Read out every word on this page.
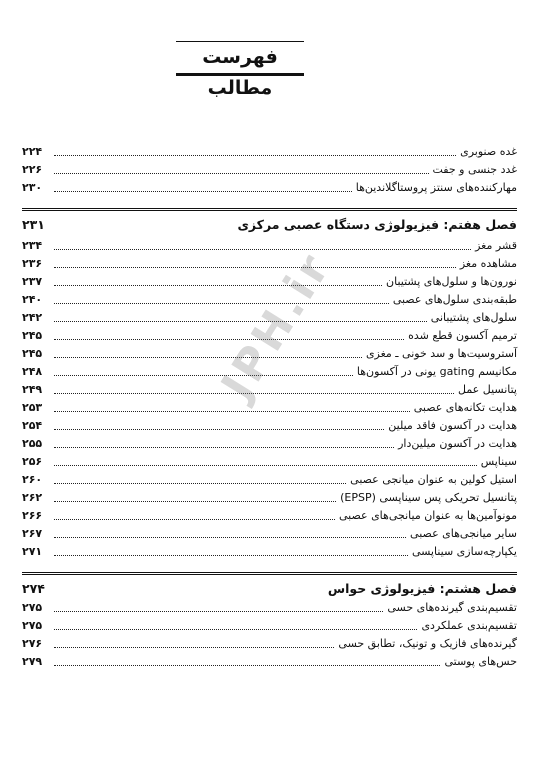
فهرست مطالب
غده صنوبری
۲۲۴
غدد جنسی و جفت
۲۲۶
مهارکننده‌های سنتز پروستاگلاندین‌ها
۲۳۰
فصل هفتم: فیزیولوژی دستگاه عصبی مرکزی
۲۳۱
قشر مغز
۲۳۴
مشاهده مغز
۲۳۶
نورون‌ها و سلول‌های پشتیبان
۲۳۷
طبقه‌بندی سلول‌های عصبی
۲۴۰
سلول‌های پشتیبانی
۲۴۲
ترمیم آکسون قطع شده
۲۴۵
آستروسیت‌ها و سد خونی ـ مغزی
۲۴۵
مکانیسم gating یونی در آکسون‌ها
۲۴۸
پتانسیل عمل
۲۴۹
هدایت تکانه‌های عصبی
۲۵۳
هدایت در آکسون فاقد میلین
۲۵۴
هدایت در آکسون میلین‌دار
۲۵۵
سیناپس
۲۵۶
استیل کولین به عنوان میانجی عصبی
۲۶۰
پتانسیل تحریکی پس سیناپسی (EPSP)
۲۶۲
مونوآمین‌ها به عنوان میانجی‌های عصبی
۲۶۶
سایر میانجی‌های عصبی
۲۶۷
یکپارچه‌سازی سیناپسی
۲۷۱
فصل هشتم: فیزیولوژی حواس
۲۷۴
تقسیم‌بندی گیرنده‌های حسی
۲۷۵
تقسیم‌بندی عملکردی
۲۷۵
گیرنده‌های فازیک و تونیک، تطابق حسی
۲۷۶
حس‌های پوستی
۲۷۹
JPH.ir
